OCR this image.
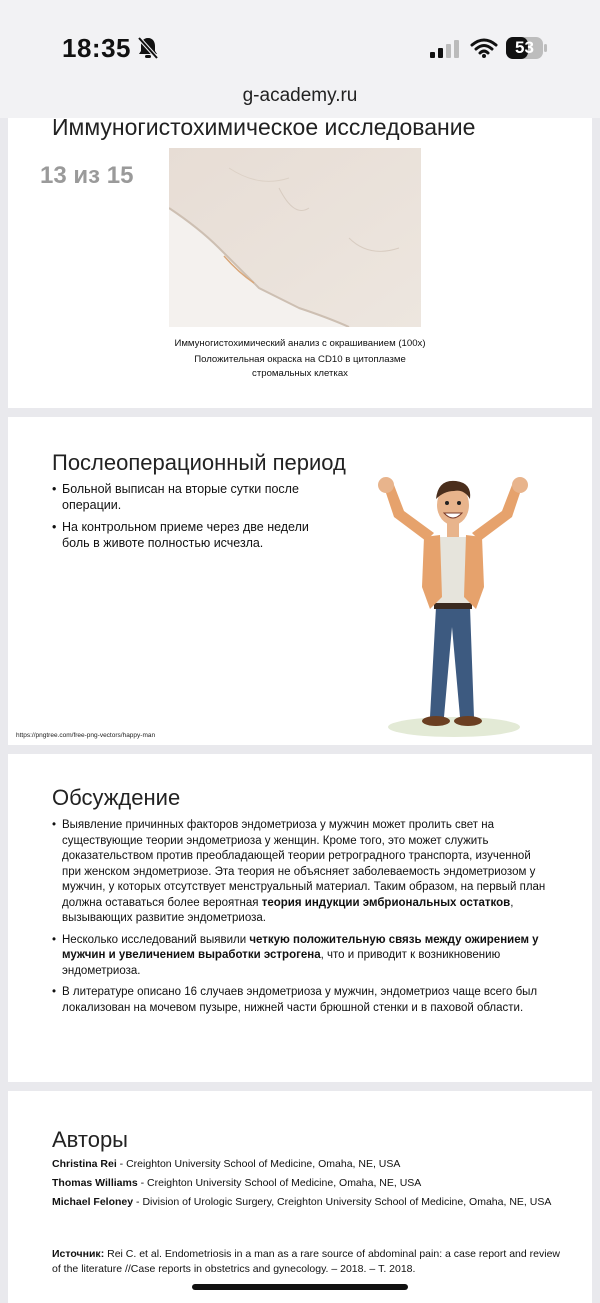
18:35	53
g-academy.ru
Иммуногистохимическое исследование
13 из 15
Иммуногистохимический анализ с окрашиванием (100x)
Положительная окраска на CD10 в цитоплазме
стромальных клетках
Послеоперационный период
• Больной выписан на вторые сутки после операции.
• На контрольном приеме через две недели боль в животе полностью исчезла.
https://pngtree.com/free-png-vectors/happy-man
Обсуждение
• Выявление причинных факторов эндометриоза у мужчин может пролить свет на существующие теории эндометриоза у женщин. Кроме того, это может служить доказательством против преобладающей теории ретроградного транспорта, изученной при женском эндометриозе. Эта теория не объясняет заболеваемость эндометриозом у мужчин, у которых отсутствует менструальный материал. Таким образом, на первый план должна оставаться более вероятная теория индукции эмбриональных остатков, вызывающих развитие эндометриоза.
• Несколько исследований выявили четкую положительную связь между ожирением у мужчин и увеличением выработки эстрогена, что и приводит к возникновению эндометриоза.
• В литературе описано 16 случаев эндометриоза у мужчин, эндометриоз чаще всего был локализован на мочевом пузыре, нижней части брюшной стенки и в паховой области.
Авторы
Christina Rei - Creighton University School of Medicine, Omaha, NE, USA
Thomas Williams - Creighton University School of Medicine, Omaha, NE, USA
Michael Feloney - Division of Urologic Surgery, Creighton University School of Medicine, Omaha, NE, USA
Источник: Rei C. et al. Endometriosis in a man as a rare source of abdominal pain: a case report and review of the literature //Case reports in obstetrics and gynecology. – 2018. – Т. 2018.
